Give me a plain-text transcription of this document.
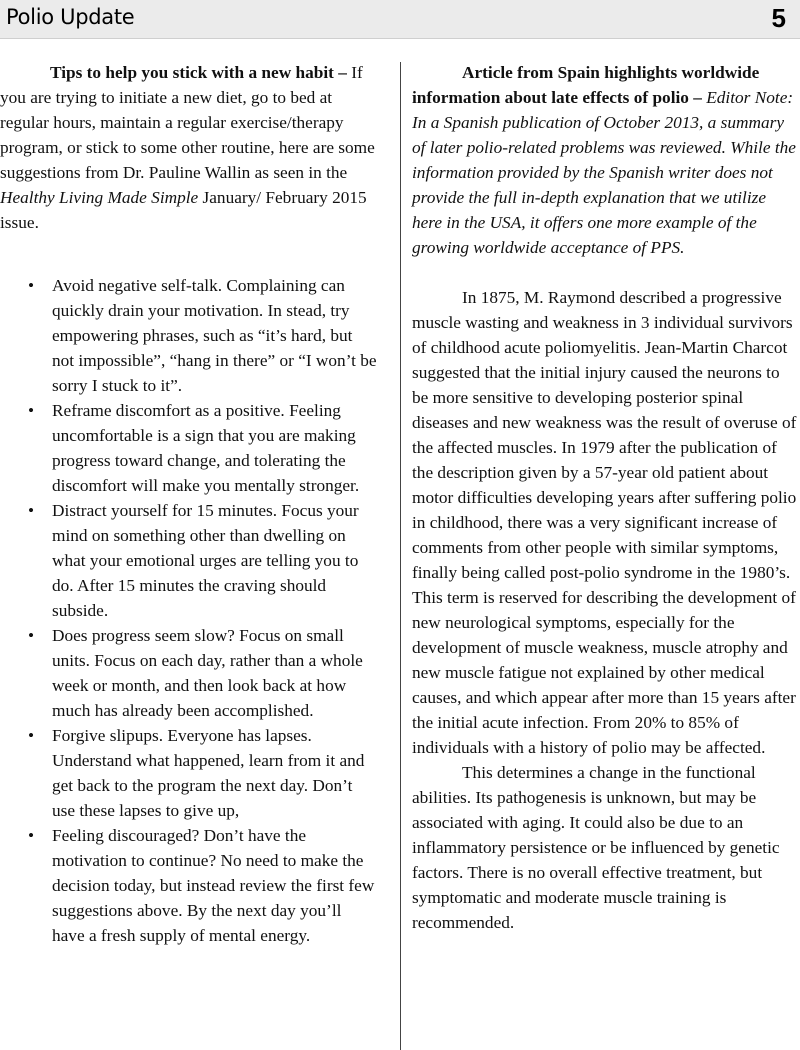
Polio Update	5

Tips to help you stick with a new habit – If you are trying to initiate a new diet, go to bed at regular hours, maintain a regular exercise/therapy program, or stick to some other routine, here are some suggestions from Dr. Pauline Wallin as seen in the Healthy Living Made Simple January/ February 2015 issue.

• Avoid negative self-talk. Complaining can quickly drain your motivation. In stead, try empowering phrases, such as “it’s hard, but not impossible”, “hang in there” or “I won’t be sorry I stuck to it”.
• Reframe discomfort as a positive. Feeling uncomfortable is a sign that you are making progress toward change, and tolerating the discomfort will make you mentally stronger.
• Distract yourself for 15 minutes. Focus your mind on something other than dwelling on what your emotional urges are telling you to do. After 15 minutes the craving should subside.
• Does progress seem slow? Focus on small units. Focus on each day, rather than a whole week or month, and then look back at how much has already been accomplished.
• Forgive slipups. Everyone has lapses. Understand what happened, learn from it and get back to the program the next day. Don’t use these lapses to give up,
• Feeling discouraged? Don’t have the motivation to continue? No need to make the decision today, but instead review the first few suggestions above. By the next day you’ll have a fresh supply of mental energy.

Article from Spain highlights worldwide information about late effects of polio – Editor Note: In a Spanish publication of October 2013, a summary of later polio-related problems was reviewed. While the information provided by the Spanish writer does not provide the full in-depth explanation that we utilize here in the USA, it offers one more example of the growing worldwide acceptance of PPS.

In 1875, M. Raymond described a progressive muscle wasting and weakness in 3 individual survivors of childhood acute poliomyelitis. Jean-Martin Charcot suggested that the initial injury caused the neurons to be more sensitive to developing posterior spinal diseases and new weakness was the result of overuse of the affected muscles. In 1979 after the publication of the description given by a 57-year old patient about motor difficulties developing years after suffering polio in childhood, there was a very significant increase of comments from other people with similar symptoms, finally being called post-polio syndrome in the 1980’s. This term is reserved for describing the development of new neurological symptoms, especially for the development of muscle weakness, muscle atrophy and new muscle fatigue not explained by other medical causes, and which appear after more than 15 years after the initial acute infection. From 20% to 85% of individuals with a history of polio may be affected.

This determines a change in the functional abilities. Its pathogenesis is unknown, but may be associated with aging. It could also be due to an inflammatory persistence or be influenced by genetic factors. There is no overall effective treatment, but symptomatic and moderate muscle training is recommended.
